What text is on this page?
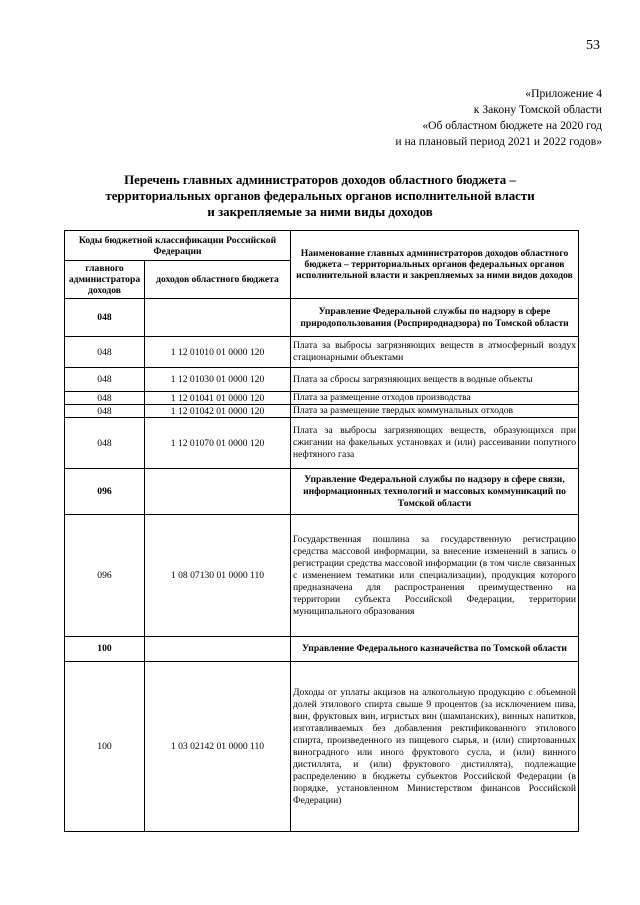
53
«Приложение 4
к Закону Томской области
«Об областном бюджете на 2020 год
и на плановый период 2021 и 2022 годов»
Перечень главных администраторов доходов областного бюджета –
территориальных органов федеральных органов исполнительной власти
и закрепляемые за ними виды доходов
Коды бюджетной классификации Российской Федерации		Наименование главных администраторов доходов областного бюджета – территориальных органов федеральных органов исполнительной власти и закрепляемых за ними видов доходов
главного администратора доходов	доходов областного бюджета	
048		Управление Федеральной службы по надзору в сфере природопользования (Росприроднадзора) по Томской области
048	1 12 01010 01 0000 120	Плата за выбросы загрязняющих веществ в атмосферный воздух стационарными объектами
048	1 12 01030 01 0000 120	Плата за сбросы загрязняющих веществ в водные объекты
048	1 12 01041 01 0000 120	Плата за размещение отходов производства
048	1 12 01042 01 0000 120	Плата за размещение твердых коммунальных отходов
048	1 12 01070 01 0000 120	Плата за выбросы загрязняющих веществ, образующихся при сжигании на факельных установках и (или) рассеивании попутного нефтяного газа
096		Управление Федеральной службы по надзору в сфере связи, информационных технологий и массовых коммуникаций по Томской области
096	1 08 07130 01 0000 110	Государственная пошлина за государственную регистрацию средства массовой информации, за внесение изменений в запись о регистрации средства массовой информации (в том числе связанных с изменением тематики или специализации), продукция которого предназначена для распространения преимущественно на территории субъекта Российской Федерации, территории муниципального образования
100		Управление Федерального казначейства по Томской области
100	1 03 02142 01 0000 110	Доходы от уплаты акцизов на алкогольную продукцию с объемной долей этилового спирта свыше 9 процентов (за исключением пива, вин, фруктовых вин, игристых вин (шампанских), винных напитков, изготавливаемых без добавления ректификованного этилового спирта, произведенного из пищевого сырья, и (или) спиртованных виноградного или иного фруктового сусла, и (или) винного дистиллята, и (или) фруктового дистиллята), подлежащие распределению в бюджеты субъектов Российской Федерации (в порядке, установленном Министерством финансов Российской Федерации)
